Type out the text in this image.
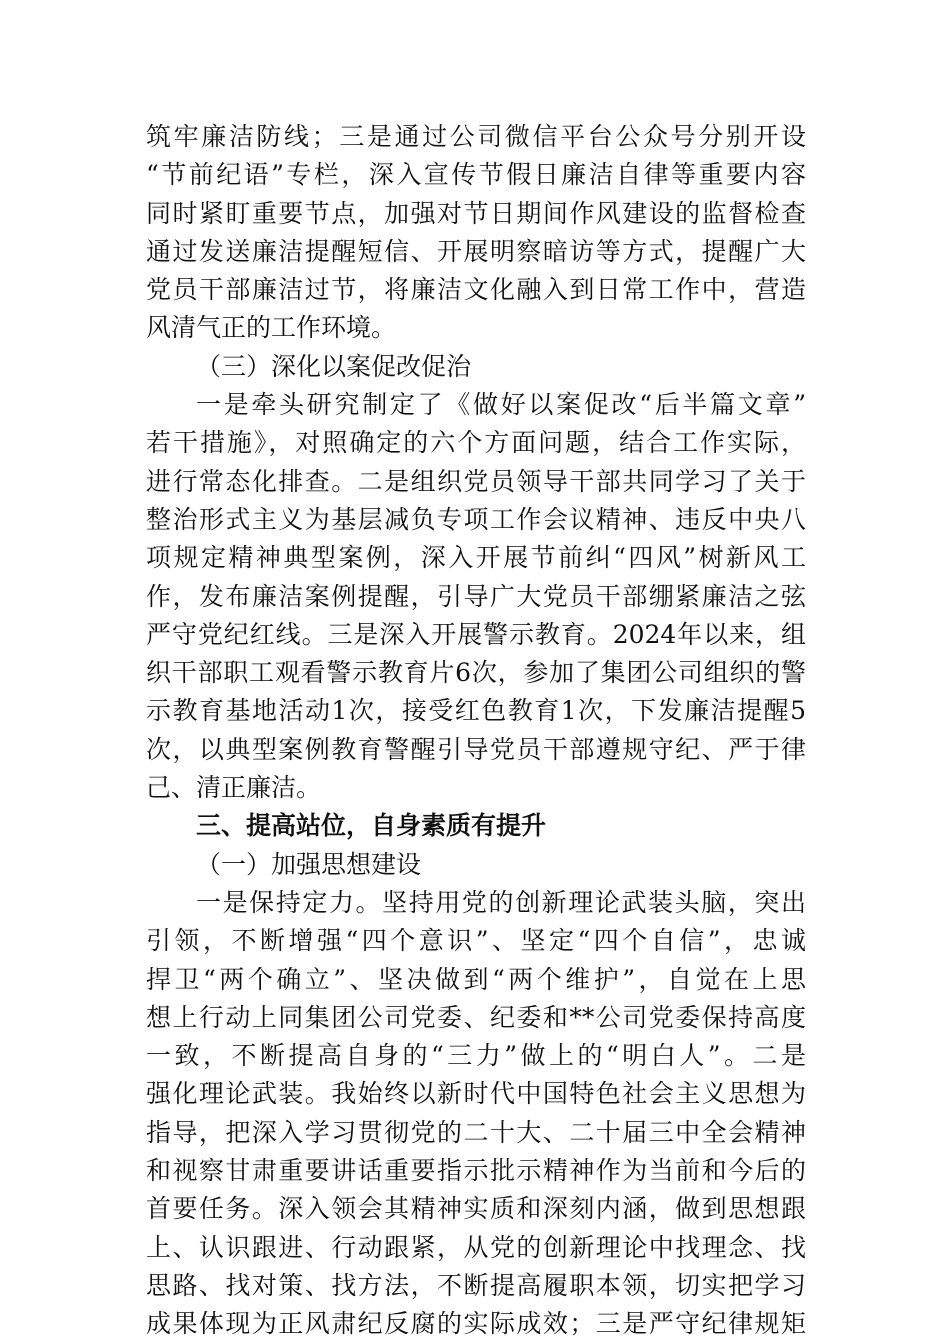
筑牢廉洁防线；三是通过公司微信平台公众号分别开设
“节前纪语”专栏，深入宣传节假日廉洁自律等重要内容
同时紧盯重要节点，加强对节日期间作风建设的监督检查
通过发送廉洁提醒短信、开展明察暗访等方式，提醒广大
党员干部廉洁过节，将廉洁文化融入到日常工作中，营造
风清气正的工作环境。
（三）深化以案促改促治
一是牵头研究制定了《做好以案促改“后半篇文章”
若干措施》，对照确定的六个方面问题，结合工作实际，
进行常态化排查。二是组织党员领导干部共同学习了关于
整治形式主义为基层减负专项工作会议精神、违反中央八
项规定精神典型案例，深入开展节前纠“四风”树新风工
作，发布廉洁案例提醒，引导广大党员干部绷紧廉洁之弦
严守党纪红线。三是深入开展警示教育。2024年以来，组
织干部职工观看警示教育片6次，参加了集团公司组织的警
示教育基地活动1次，接受红色教育1次，下发廉洁提醒5
次，以典型案例教育警醒引导党员干部遵规守纪、严于律
己、清正廉洁。
三、提高站位，自身素质有提升
（一）加强思想建设
一是保持定力。坚持用党的创新理论武装头脑，突出
引领，不断增强“四个意识”、坚定“四个自信”，忠诚
捍卫“两个确立”、坚决做到“两个维护”，自觉在上思
想上行动上同集团公司党委、纪委和**公司党委保持高度
一致，不断提高自身的“三力”做上的“明白人”。二是
强化理论武装。我始终以新时代中国特色社会主义思想为
指导，把深入学习贯彻党的二十大、二十届三中全会精神
和视察甘肃重要讲话重要指示批示精神作为当前和今后的
首要任务。深入领会其精神实质和深刻内涵，做到思想跟
上、认识跟进、行动跟紧，从党的创新理论中找理念、找
思路、找对策、找方法，不断提高履职本领，切实把学习
成果体现为正风肃纪反腐的实际成效；三是严守纪律规矩
